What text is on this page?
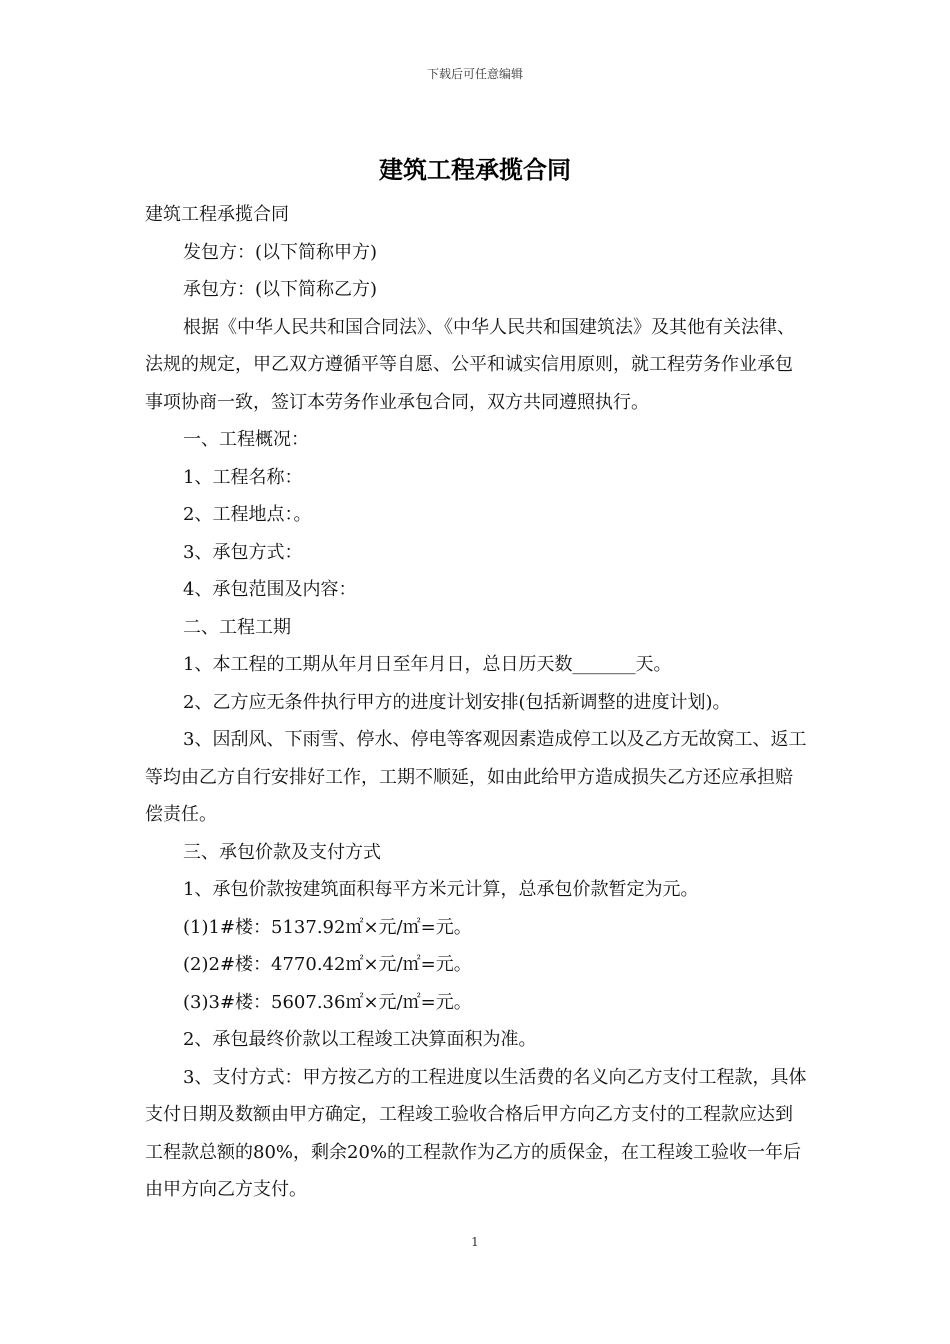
下载后可任意编辑
建筑工程承揽合同

建筑工程承揽合同

发包方：(以下简称甲方)

承包方：(以下简称乙方)

根据《中华人民共和国合同法》、《中华人民共和国建筑法》及其他有关法律、法规的规定，甲乙双方遵循平等自愿、公平和诚实信用原则，就工程劳务作业承包事项协商一致，签订本劳务作业承包合同，双方共同遵照执行。

一、工程概况：

1、工程名称：

2、工程地点：。

3、承包方式：

4、承包范围及内容：

二、工程工期

1、本工程的工期从年月日至年月日，总日历天数_______天。

2、乙方应无条件执行甲方的进度计划安排(包括新调整的进度计划)。

3、因刮风、下雨雪、停水、停电等客观因素造成停工以及乙方无故窝工、返工等均由乙方自行安排好工作，工期不顺延，如由此给甲方造成损失乙方还应承担赔偿责任。

三、承包价款及支付方式

1、承包价款按建筑面积每平方米元计算，总承包价款暂定为元。

(1)1#楼：5137.92㎡×元/㎡=元。

(2)2#楼：4770.42㎡×元/㎡=元。

(3)3#楼：5607.36㎡×元/㎡=元。

2、承包最终价款以工程竣工决算面积为准。

3、支付方式：甲方按乙方的工程进度以生活费的名义向乙方支付工程款，具体支付日期及数额由甲方确定，工程竣工验收合格后甲方向乙方支付的工程款应达到工程款总额的80%，剩余20%的工程款作为乙方的质保金，在工程竣工验收一年后由甲方向乙方支付。

1
